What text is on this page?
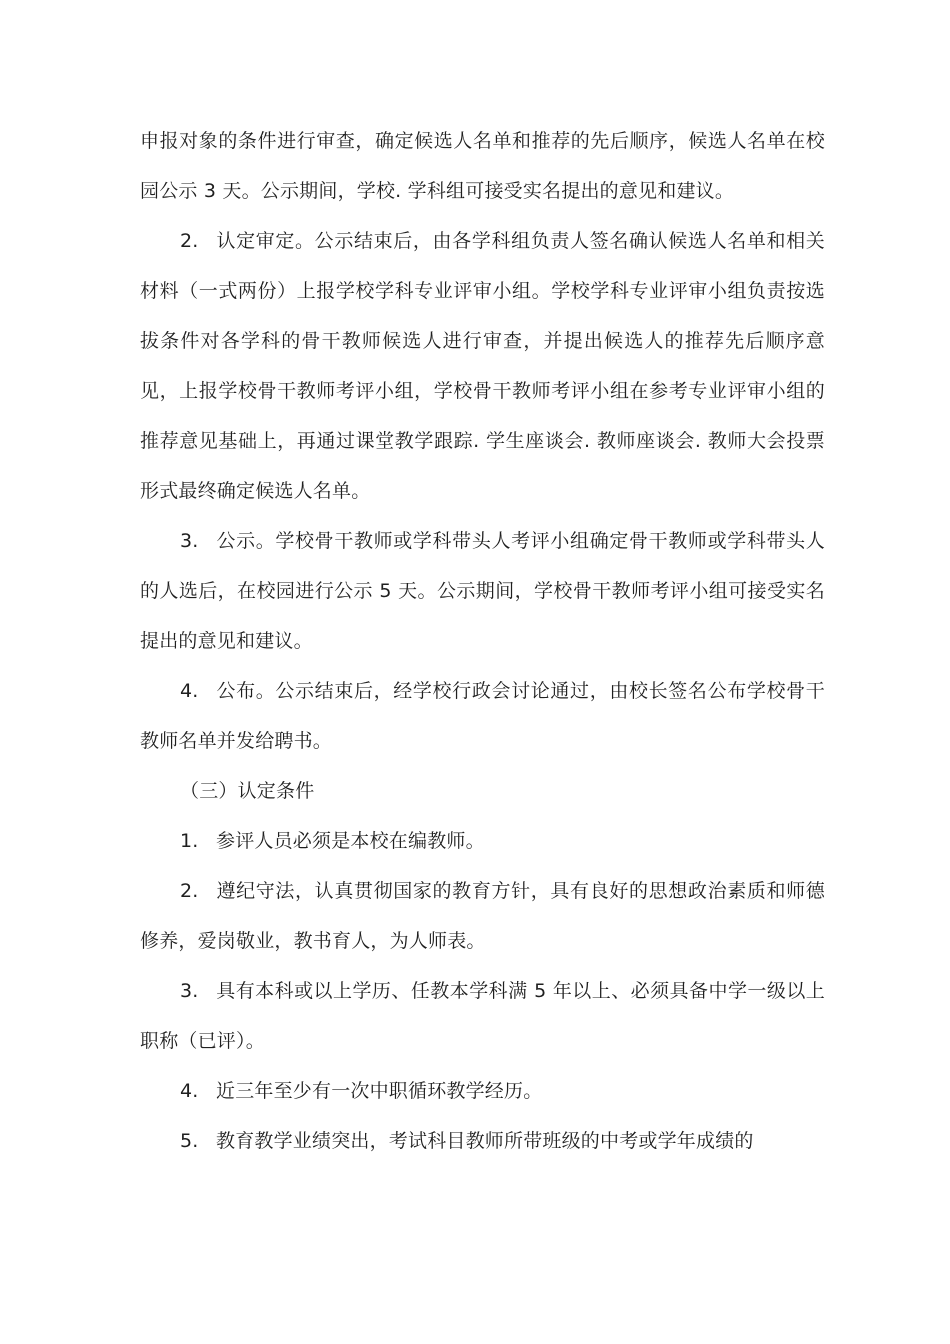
申报对象的条件进行审查，确定候选人名单和推荐的先后顺序，候选人名单在校园公示 3 天。公示期间，学校. 学科组可接受实名提出的意见和建议。

2. 认定审定。公示结束后，由各学科组负责人签名确认候选人名单和相关材料（一式两份）上报学校学科专业评审小组。学校学科专业评审小组负责按选拔条件对各学科的骨干教师候选人进行审查，并提出候选人的推荐先后顺序意见，上报学校骨干教师考评小组，学校骨干教师考评小组在参考专业评审小组的推荐意见基础上，再通过课堂教学跟踪. 学生座谈会. 教师座谈会. 教师大会投票形式最终确定候选人名单。

3. 公示。学校骨干教师或学科带头人考评小组确定骨干教师或学科带头人的人选后，在校园进行公示 5 天。公示期间，学校骨干教师考评小组可接受实名提出的意见和建议。

4. 公布。公示结束后，经学校行政会讨论通过，由校长签名公布学校骨干教师名单并发给聘书。

（三）认定条件

1. 参评人员必须是本校在编教师。

2. 遵纪守法，认真贯彻国家的教育方针，具有良好的思想政治素质和师德修养，爱岗敬业，教书育人，为人师表。

3. 具有本科或以上学历、任教本学科满 5 年以上、必须具备中学一级以上职称（已评）。

4. 近三年至少有一次中职循环教学经历。

5. 教育教学业绩突出，考试科目教师所带班级的中考或学年成绩的
